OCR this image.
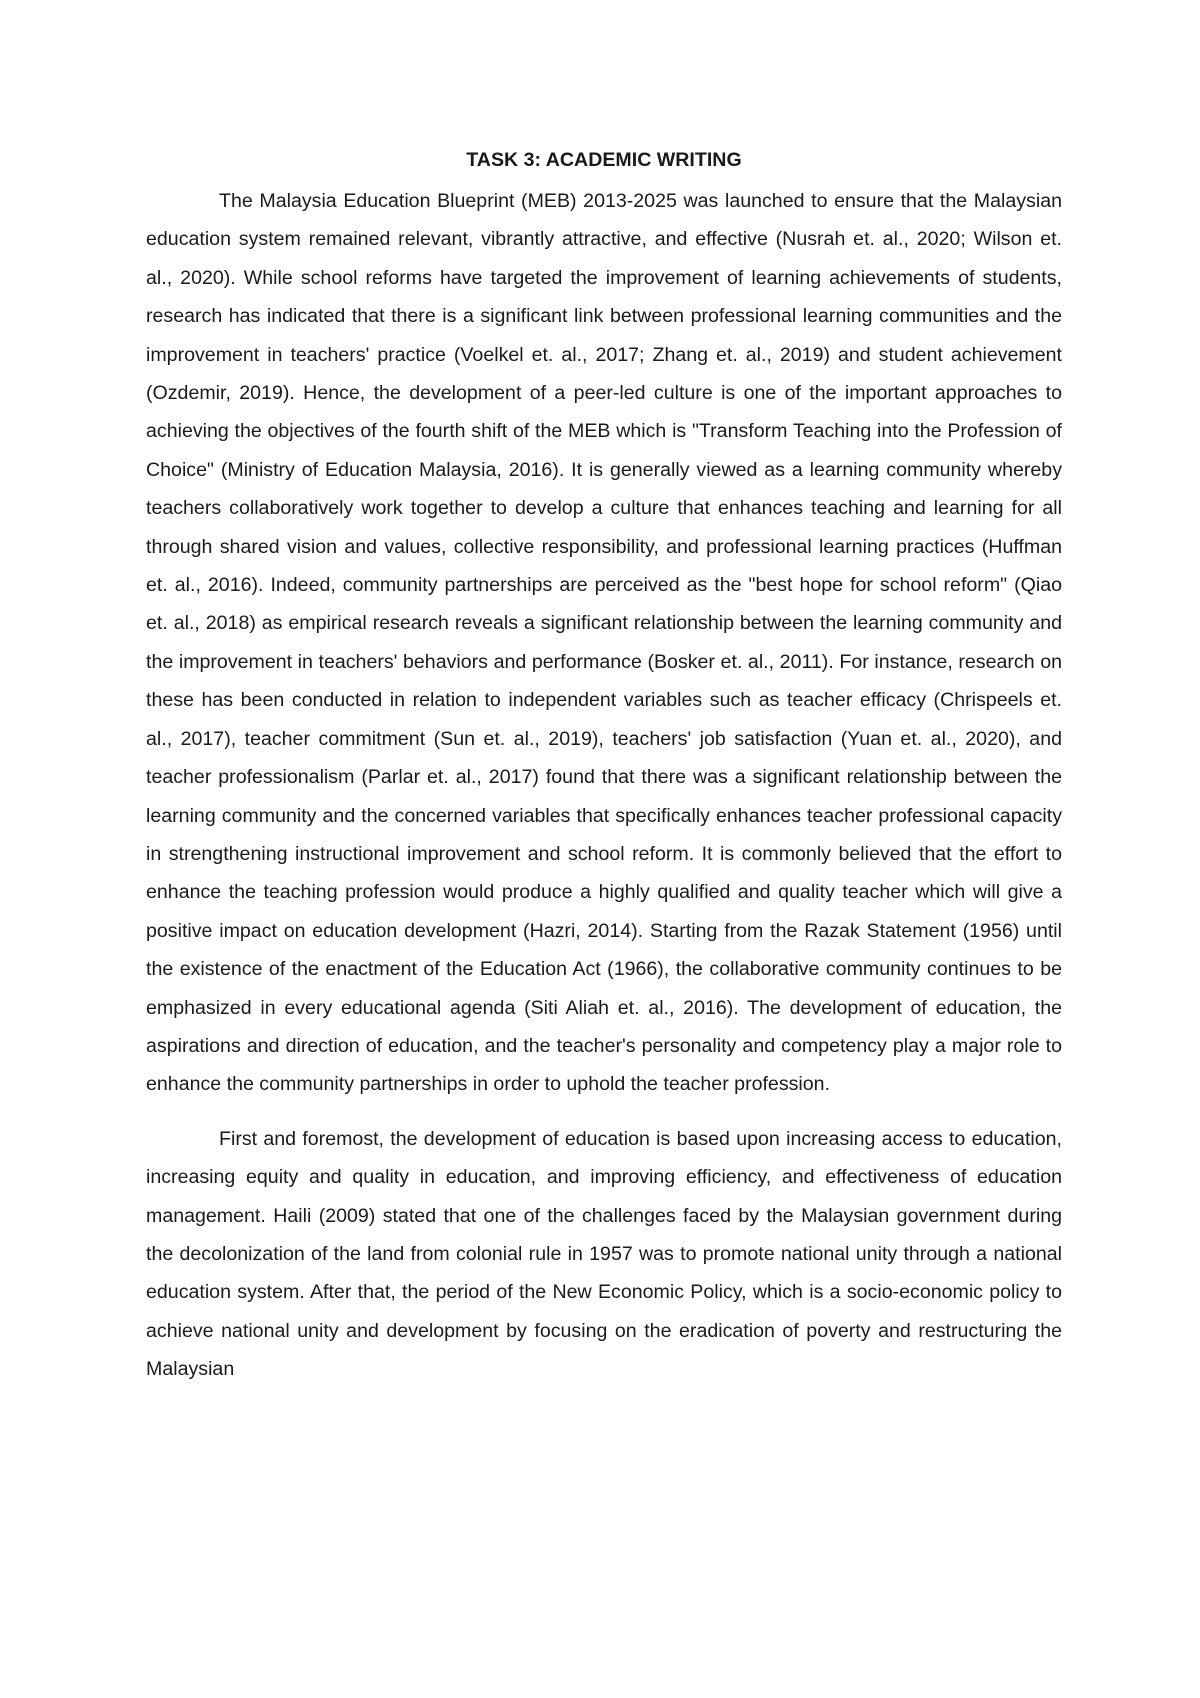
TASK 3: ACADEMIC WRITING

The Malaysia Education Blueprint (MEB) 2013-2025 was launched to ensure that the Malaysian education system remained relevant, vibrantly attractive, and effective (Nusrah et. al., 2020; Wilson et. al., 2020). While school reforms have targeted the improvement of learning achievements of students, research has indicated that there is a significant link between professional learning communities and the improvement in teachers' practice (Voelkel et. al., 2017; Zhang et. al., 2019) and student achievement (Ozdemir, 2019). Hence, the development of a peer-led culture is one of the important approaches to achieving the objectives of the fourth shift of the MEB which is "Transform Teaching into the Profession of Choice" (Ministry of Education Malaysia, 2016). It is generally viewed as a learning community whereby teachers collaboratively work together to develop a culture that enhances teaching and learning for all through shared vision and values, collective responsibility, and professional learning practices (Huffman et. al., 2016). Indeed, community partnerships are perceived as the "best hope for school reform" (Qiao et. al., 2018) as empirical research reveals a significant relationship between the learning community and the improvement in teachers' behaviors and performance (Bosker et. al., 2011). For instance, research on these has been conducted in relation to independent variables such as teacher efficacy (Chrispeels et. al., 2017), teacher commitment (Sun et. al., 2019), teachers' job satisfaction (Yuan et. al., 2020), and teacher professionalism (Parlar et. al., 2017) found that there was a significant relationship between the learning community and the concerned variables that specifically enhances teacher professional capacity in strengthening instructional improvement and school reform. It is commonly believed that the effort to enhance the teaching profession would produce a highly qualified and quality teacher which will give a positive impact on education development (Hazri, 2014). Starting from the Razak Statement (1956) until the existence of the enactment of the Education Act (1966), the collaborative community continues to be emphasized in every educational agenda (Siti Aliah et. al., 2016). The development of education, the aspirations and direction of education, and the teacher's personality and competency play a major role to enhance the community partnerships in order to uphold the teacher profession.

First and foremost, the development of education is based upon increasing access to education, increasing equity and quality in education, and improving efficiency, and effectiveness of education management. Haili (2009) stated that one of the challenges faced by the Malaysian government during the decolonization of the land from colonial rule in 1957 was to promote national unity through a national education system. After that, the period of the New Economic Policy, which is a socio-economic policy to achieve national unity and development by focusing on the eradication of poverty and restructuring the Malaysian
